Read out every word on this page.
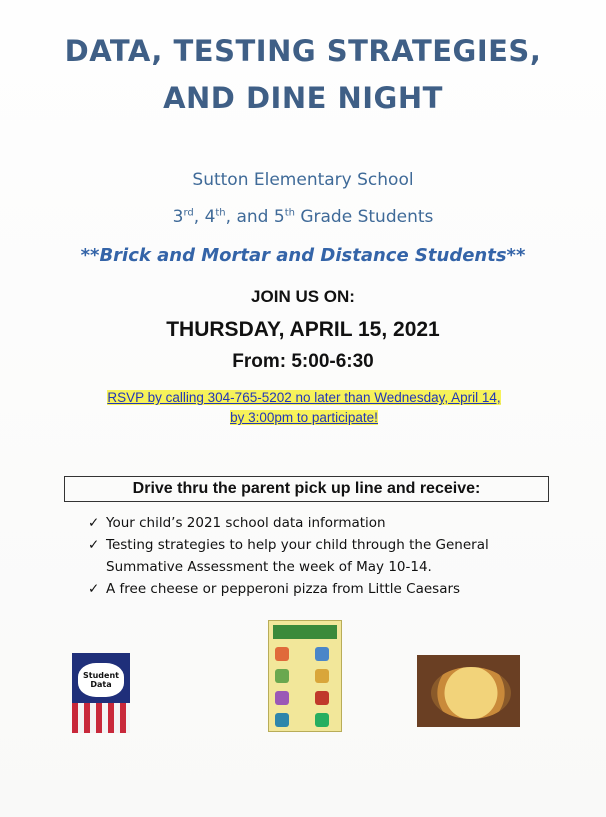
DATA, TESTING STRATEGIES,
AND DINE NIGHT
Sutton Elementary School
3rd, 4th, and 5th Grade Students
**Brick and Mortar and Distance Students**
JOIN US ON:
THURSDAY, APRIL 15, 2021
From: 5:00-6:30
RSVP by calling 304-765-5202 no later than Wednesday, April 14,
by 3:00pm to participate!
Drive thru the parent pick up line and receive:
✓ Your child’s 2021 school data information
✓ Testing strategies to help your child through the General
Summative Assessment the week of May 10-14.
✓ A free cheese or pepperoni pizza from Little Caesars
Student Data
